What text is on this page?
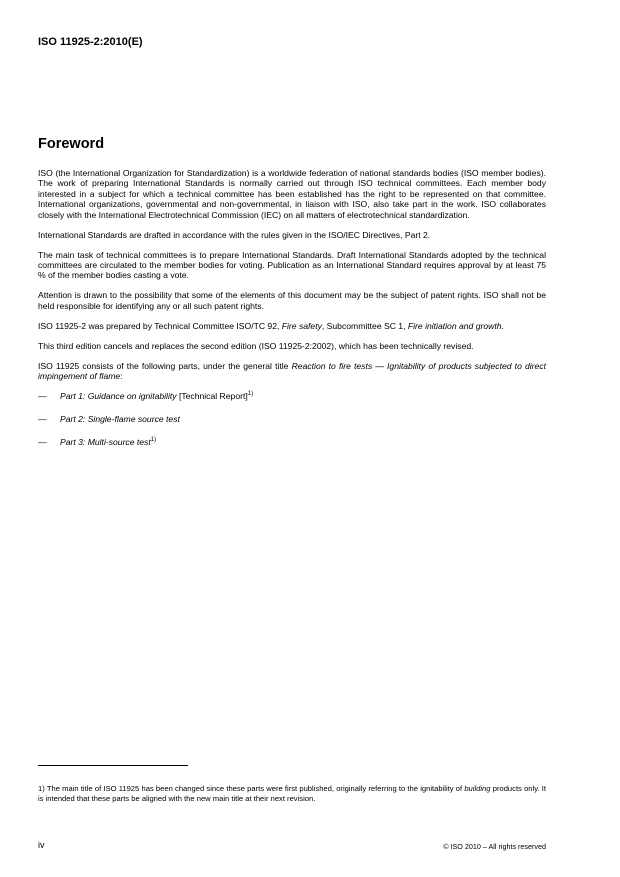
ISO 11925-2:2010(E)
Foreword

ISO (the International Organization for Standardization) is a worldwide federation of national standards bodies (ISO member bodies). The work of preparing International Standards is normally carried out through ISO technical committees. Each member body interested in a subject for which a technical committee has been established has the right to be represented on that committee. International organizations, governmental and non-governmental, in liaison with ISO, also take part in the work. ISO collaborates closely with the International Electrotechnical Commission (IEC) on all matters of electrotechnical standardization.

International Standards are drafted in accordance with the rules given in the ISO/IEC Directives, Part 2.

The main task of technical committees is to prepare International Standards. Draft International Standards adopted by the technical committees are circulated to the member bodies for voting. Publication as an International Standard requires approval by at least 75 % of the member bodies casting a vote.

Attention is drawn to the possibility that some of the elements of this document may be the subject of patent rights. ISO shall not be held responsible for identifying any or all such patent rights.

ISO 11925-2 was prepared by Technical Committee ISO/TC 92, Fire safety, Subcommittee SC 1, Fire initiation and growth.

This third edition cancels and replaces the second edition (ISO 11925-2:2002), which has been technically revised.

ISO 11925 consists of the following parts, under the general title Reaction to fire tests — Ignitability of products subjected to direct impingement of flame:

—	Part 1: Guidance on ignitability [Technical Report]$^{1)}$
—	Part 2: Single-flame source test
—	Part 3: Multi-source test$^{1)}$

1) The main title of ISO 11925 has been changed since these parts were first published, originally referring to the ignitability of building products only. It is intended that these parts be aligned with the new main title at their next revision.

iv	© ISO 2010 – All rights reserved
